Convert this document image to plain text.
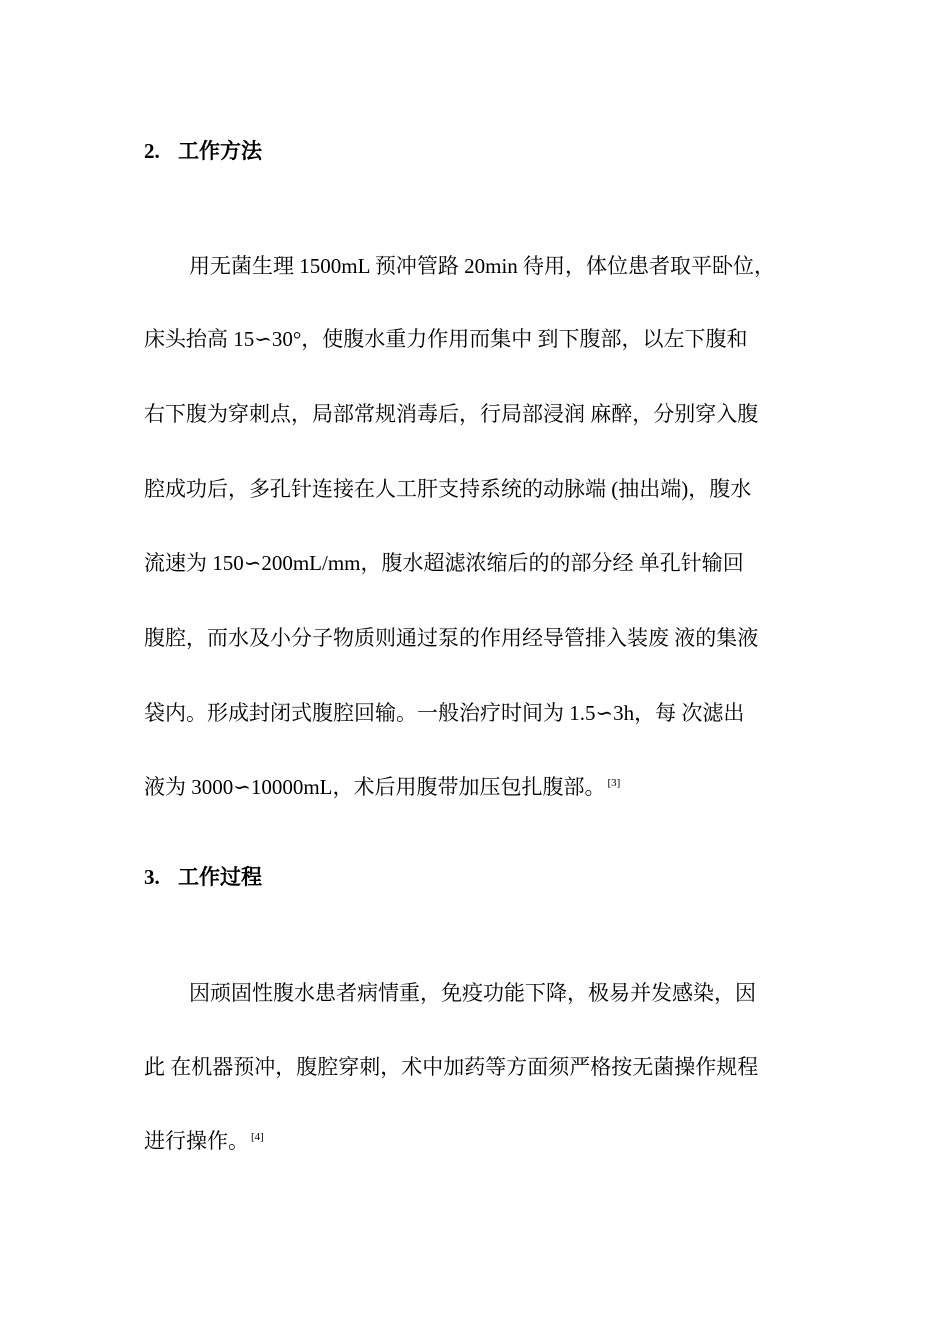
2. 工作方法
用无菌生理 1500mL 预冲管路 20min 待用，体位患者取平卧位，
床头抬高 15∽30°，使腹水重力作用而集中 到下腹部，以左下腹和
右下腹为穿刺点，局部常规消毒后，行局部浸润 麻醉，分别穿入腹
腔成功后，多孔针连接在人工肝支持系统的动脉端 (抽出端)，腹水
流速为 150∽200mL/mm，腹水超滤浓缩后的的部分经 单孔针输回
腹腔，而水及小分子物质则通过泵的作用经导管排入装废 液的集液
袋内。形成封闭式腹腔回输。一般治疗时间为 1.5∽3h，每 次滤出
液为 3000∽10000mL，术后用腹带加压包扎腹部。 [3]
3. 工作过程
因顽固性腹水患者病情重，免疫功能下降，极易并发感染，因
此 在机器预冲，腹腔穿刺，术中加药等方面须严格按无菌操作规程
进行操作。 [4]
